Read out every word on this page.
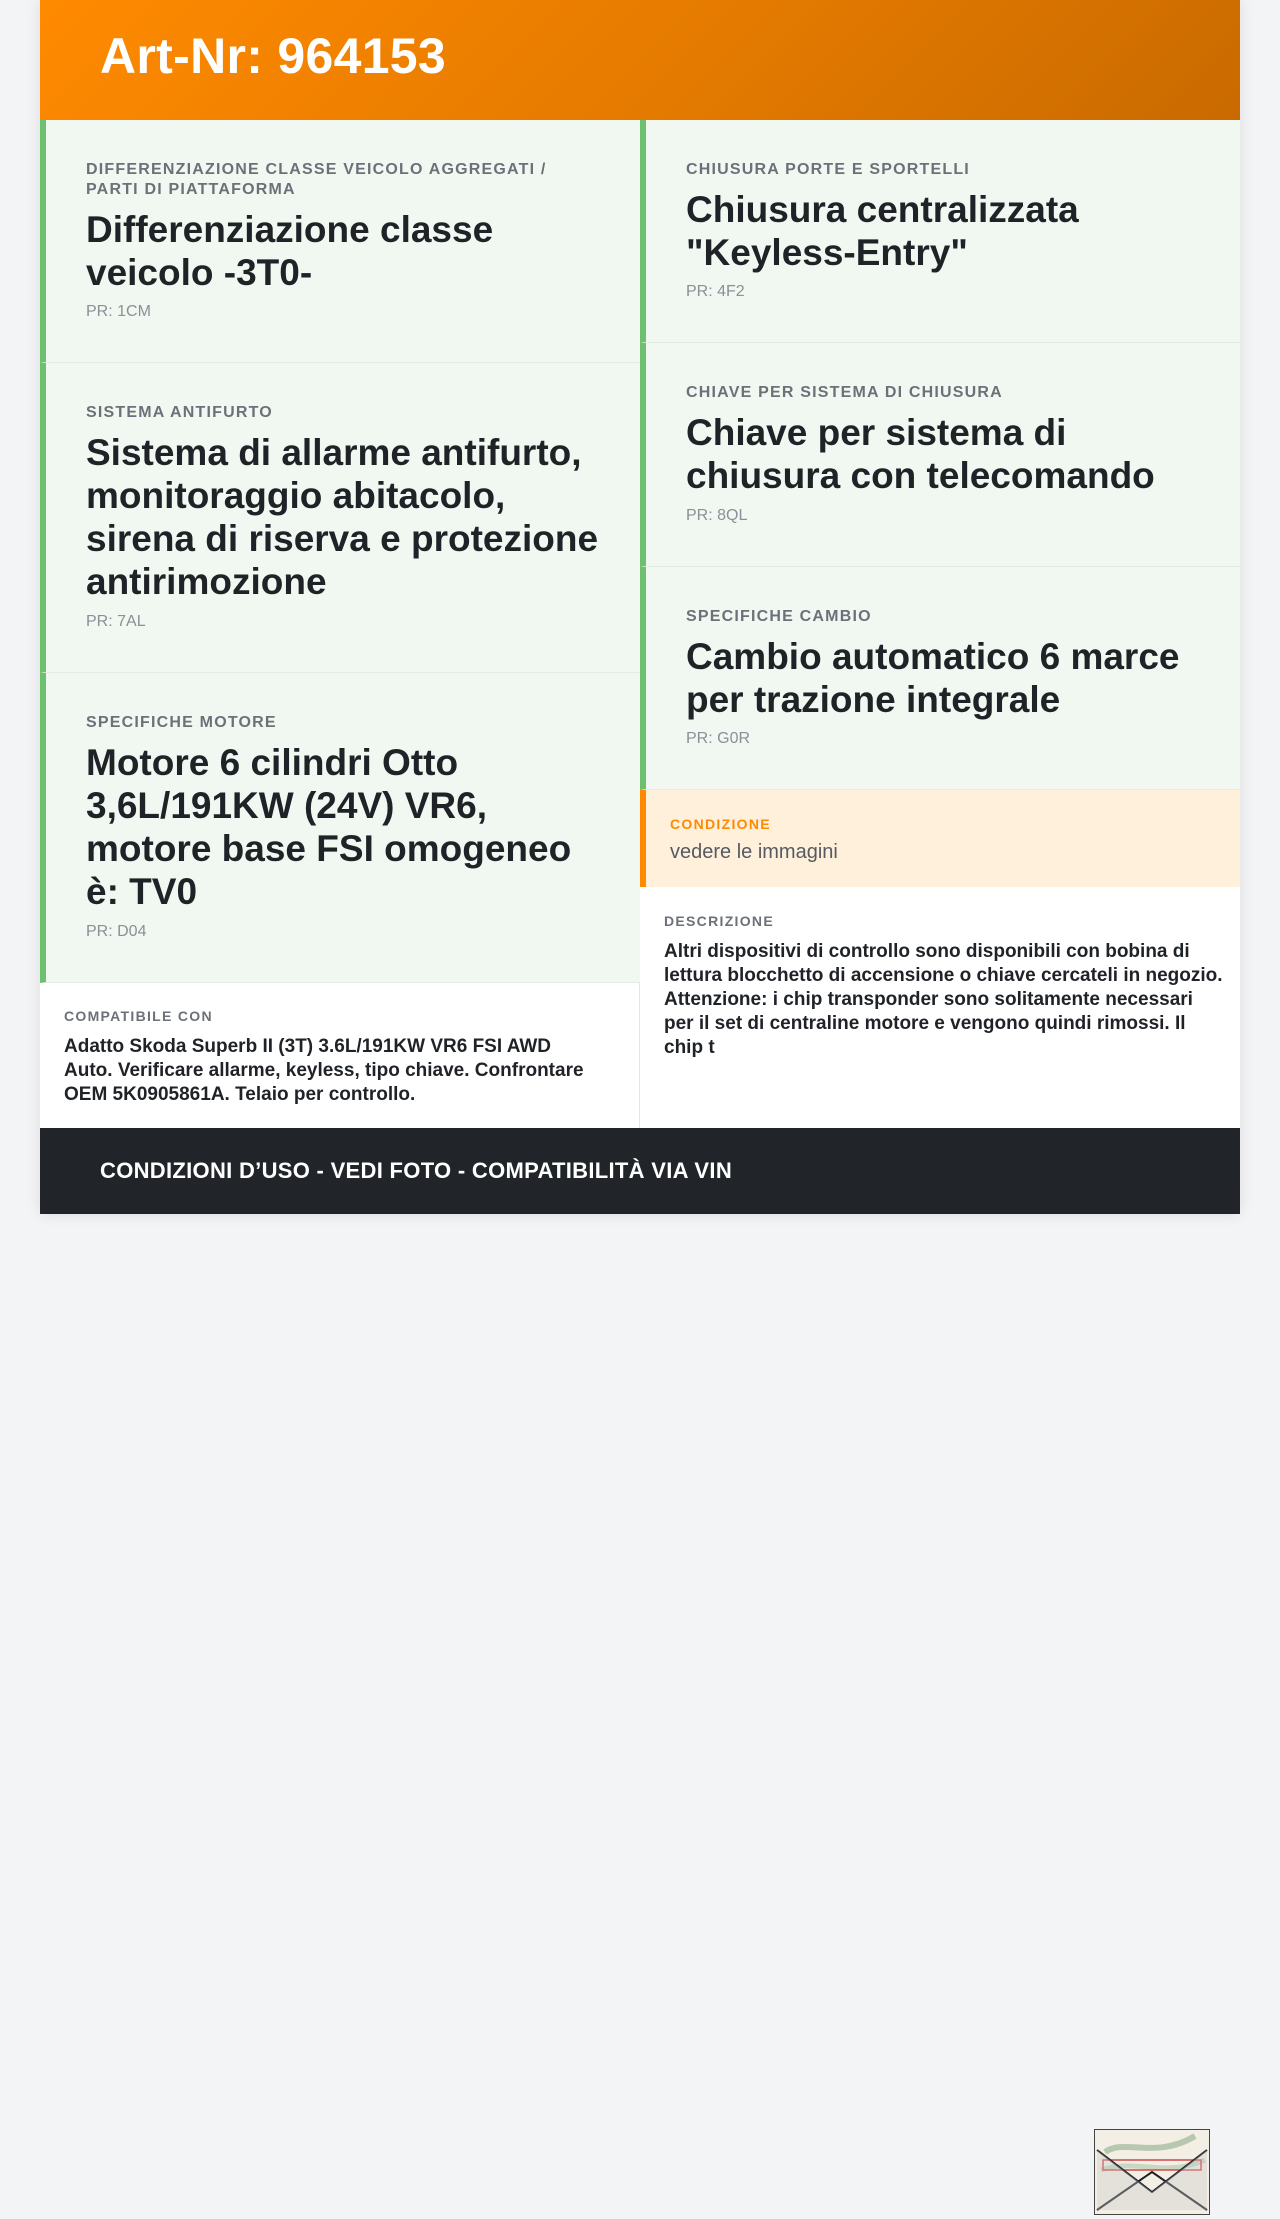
Art-Nr: 964153
DIFFERENZIAZIONE CLASSE VEICOLO AGGREGATI / PARTI DI PIATTAFORMA
Differenziazione classe veicolo -3T0-
PR: 1CM
SISTEMA ANTIFURTO
Sistema di allarme antifurto, monitoraggio abitacolo, sirena di riserva e protezione antirimozione
PR: 7AL
SPECIFICHE MOTORE
Motore 6 cilindri Otto 3,6L/191KW (24V) VR6, motore base FSI omogeneo è: TV0
PR: D04
CHIUSURA PORTE E SPORTELLI
Chiusura centralizzata "Keyless-Entry"
PR: 4F2
CHIAVE PER SISTEMA DI CHIUSURA
Chiave per sistema di chiusura con telecomando
PR: 8QL
SPECIFICHE CAMBIO
Cambio automatico 6 marce per trazione integrale
PR: G0R
CONDIZIONE
vedere le immagini
DESCRIZIONE
Altri dispositivi di controllo sono disponibili con bobina di lettura blocchetto di accensione o chiave cercateli in negozio. Attenzione: i chip transponder sono solitamente necessari per il set di centraline motore e vengono quindi rimossi. Il chip t
COMPATIBILE CON
Adatto Skoda Superb II (3T) 3.6L/191KW VR6 FSI AWD Auto. Verificare allarme, keyless, tipo chiave. Confrontare OEM 5K0905861A. Telaio per controllo.
CONDIZIONI D’USO - VEDI FOTO - COMPATIBILITÀ VIA VIN
